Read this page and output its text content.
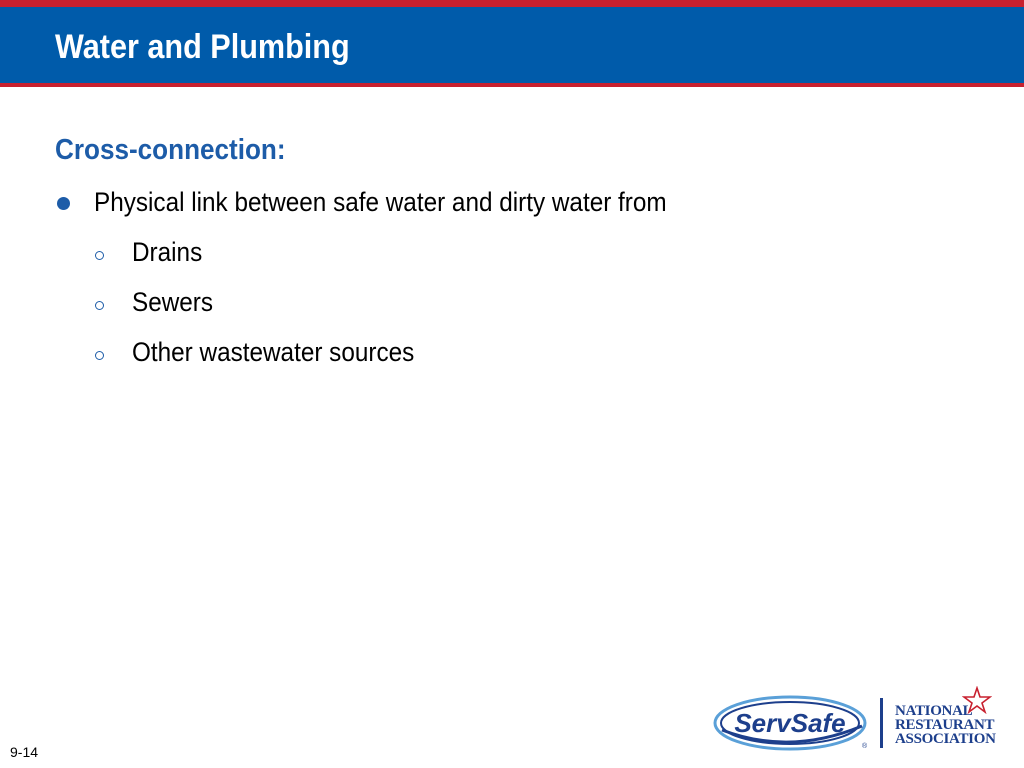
Water and Plumbing
Cross-connection:
Physical link between safe water and dirty water from
Drains
Sewers
Other wastewater sources
9-14
ServSafe
®
NATIONAL
RESTAURANT
ASSOCIATION
